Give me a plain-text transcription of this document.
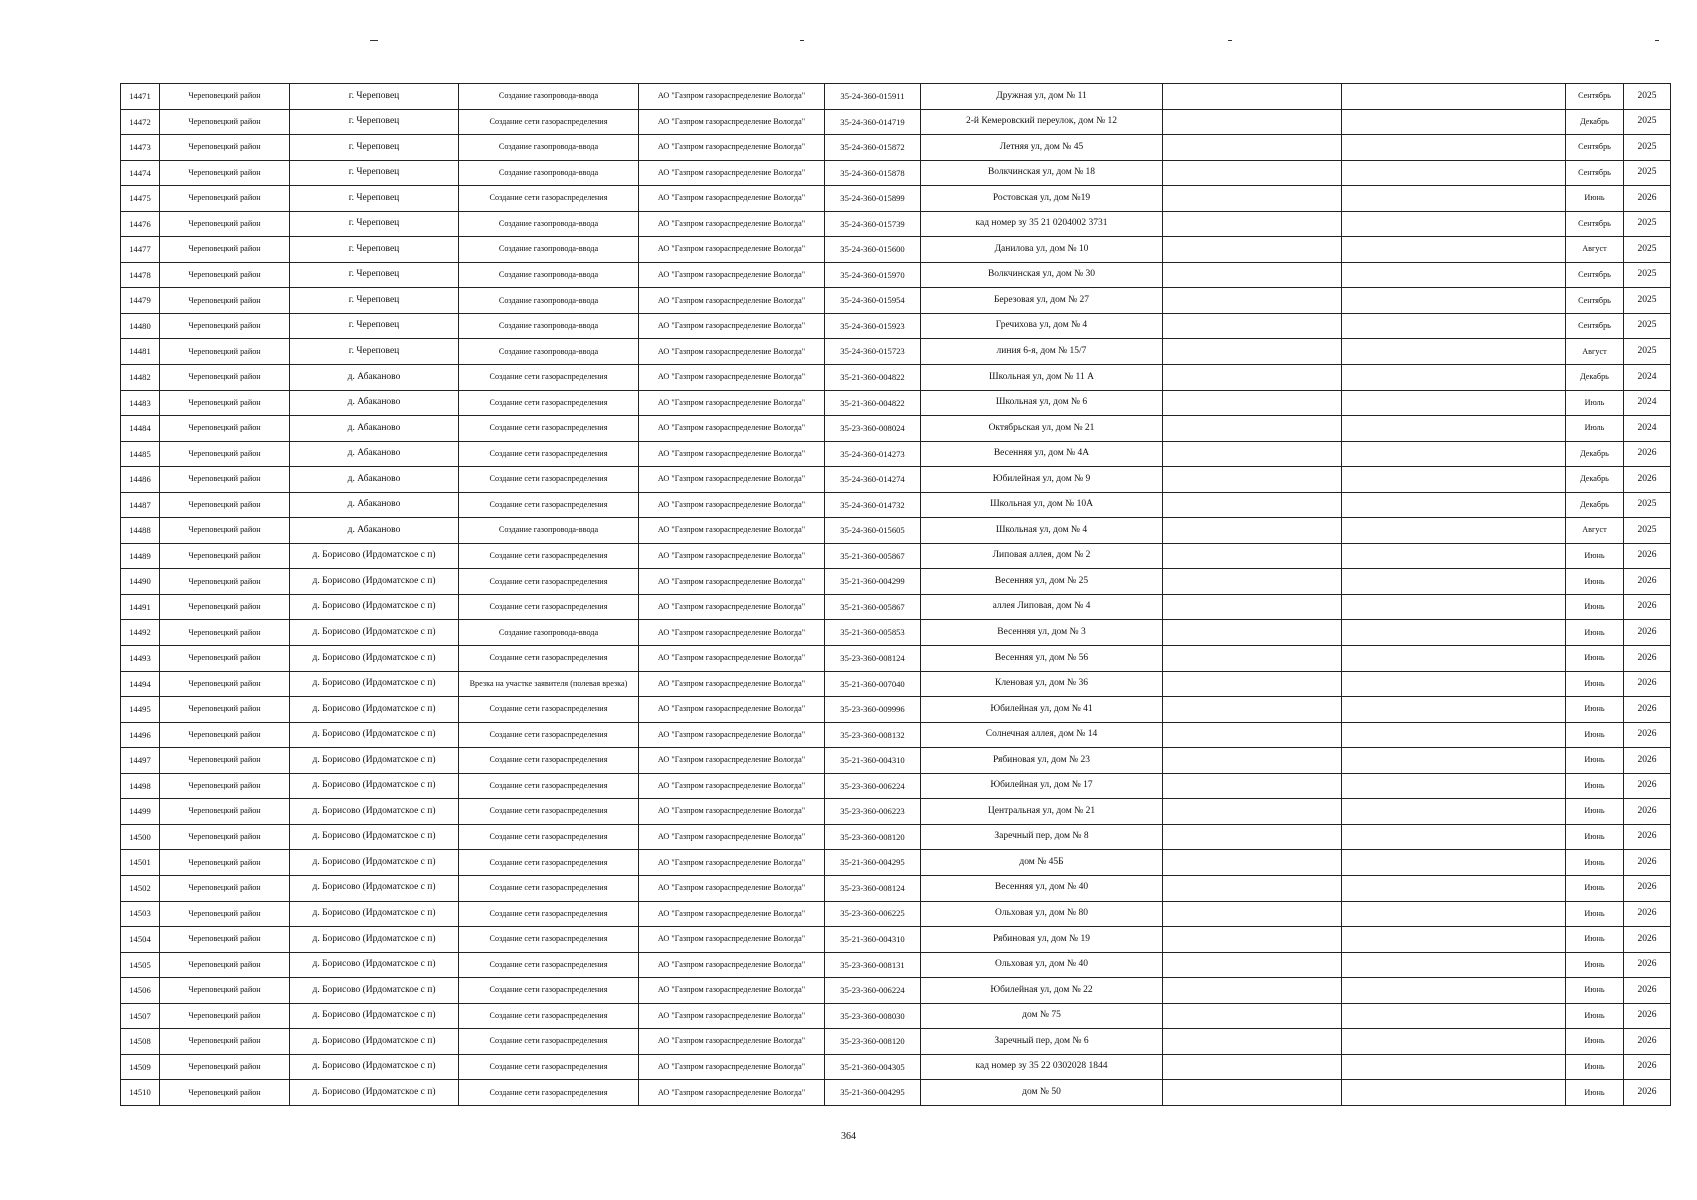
14471	Череповецкий район	г. Череповец	Создание газопровода-ввода	АО "Газпром газораспределение Вологда"	35-24-360-015911	Дружная ул, дом № 11			Сентябрь	2025
14472	Череповецкий район	г. Череповец	Создание сети газораспределения	АО "Газпром газораспределение Вологда"	35-24-360-014719	2-й Кемеровский переулок, дом № 12			Декабрь	2025
14473	Череповецкий район	г. Череповец	Создание газопровода-ввода	АО "Газпром газораспределение Вологда"	35-24-360-015872	Летняя ул, дом № 45			Сентябрь	2025
14474	Череповецкий район	г. Череповец	Создание газопровода-ввода	АО "Газпром газораспределение Вологда"	35-24-360-015878	Волкчинская ул, дом № 18			Сентябрь	2025
14475	Череповецкий район	г. Череповец	Создание сети газораспределения	АО "Газпром газораспределение Вологда"	35-24-360-015899	Ростовская ул, дом №19			Июнь	2026
14476	Череповецкий район	г. Череповец	Создание газопровода-ввода	АО "Газпром газораспределение Вологда"	35-24-360-015739	кад номер зу 35 21 0204002 3731			Сентябрь	2025
14477	Череповецкий район	г. Череповец	Создание газопровода-ввода	АО "Газпром газораспределение Вологда"	35-24-360-015600	Данилова ул, дом № 10			Август	2025
14478	Череповецкий район	г. Череповец	Создание газопровода-ввода	АО "Газпром газораспределение Вологда"	35-24-360-015970	Волкчинская ул, дом № 30			Сентябрь	2025
14479	Череповецкий район	г. Череповец	Создание газопровода-ввода	АО "Газпром газораспределение Вологда"	35-24-360-015954	Березовая ул, дом № 27			Сентябрь	2025
14480	Череповецкий район	г. Череповец	Создание газопровода-ввода	АО "Газпром газораспределение Вологда"	35-24-360-015923	Гречихова ул, дом № 4			Сентябрь	2025
14481	Череповецкий район	г. Череповец	Создание газопровода-ввода	АО "Газпром газораспределение Вологда"	35-24-360-015723	линия 6-я, дом № 15/7			Август	2025
14482	Череповецкий район	д. Абаканово	Создание сети газораспределения	АО "Газпром газораспределение Вологда"	35-21-360-004822	Школьная ул, дом № 11 А			Декабрь	2024
14483	Череповецкий район	д. Абаканово	Создание сети газораспределения	АО "Газпром газораспределение Вологда"	35-21-360-004822	Школьная ул, дом № 6			Июль	2024
14484	Череповецкий район	д. Абаканово	Создание сети газораспределения	АО "Газпром газораспределение Вологда"	35-23-360-008024	Октябрьская ул, дом № 21			Июль	2024
14485	Череповецкий район	д. Абаканово	Создание сети газораспределения	АО "Газпром газораспределение Вологда"	35-24-360-014273	Весенняя ул, дом № 4А			Декабрь	2026
14486	Череповецкий район	д. Абаканово	Создание сети газораспределения	АО "Газпром газораспределение Вологда"	35-24-360-014274	Юбилейная ул, дом № 9			Декабрь	2026
14487	Череповецкий район	д. Абаканово	Создание сети газораспределения	АО "Газпром газораспределение Вологда"	35-24-360-014732	Школьная ул, дом № 10А			Декабрь	2025
14488	Череповецкий район	д. Абаканово	Создание газопровода-ввода	АО "Газпром газораспределение Вологда"	35-24-360-015605	Школьная ул, дом № 4			Август	2025
14489	Череповецкий район	д. Борисово (Ирдоматское с п)	Создание сети газораспределения	АО "Газпром газораспределение Вологда"	35-21-360-005867	Липовая аллея, дом № 2			Июнь	2026
14490	Череповецкий район	д. Борисово (Ирдоматское с п)	Создание сети газораспределения	АО "Газпром газораспределение Вологда"	35-21-360-004299	Весенняя ул, дом № 25			Июнь	2026
14491	Череповецкий район	д. Борисово (Ирдоматское с п)	Создание сети газораспределения	АО "Газпром газораспределение Вологда"	35-21-360-005867	аллея Липовая, дом № 4			Июнь	2026
14492	Череповецкий район	д. Борисово (Ирдоматское с п)	Создание газопровода-ввода	АО "Газпром газораспределение Вологда"	35-21-360-005853	Весенняя ул, дом № 3			Июнь	2026
14493	Череповецкий район	д. Борисово (Ирдоматское с п)	Создание сети газораспределения	АО "Газпром газораспределение Вологда"	35-23-360-008124	Весенняя ул, дом № 56			Июнь	2026
14494	Череповецкий район	д. Борисово (Ирдоматское с п)	Врезка на участке заявителя (полевая врезка)	АО "Газпром газораспределение Вологда"	35-21-360-007040	Кленовая ул, дом № 36			Июнь	2026
14495	Череповецкий район	д. Борисово (Ирдоматское с п)	Создание сети газораспределения	АО "Газпром газораспределение Вологда"	35-23-360-009996	Юбилейная ул, дом № 41			Июнь	2026
14496	Череповецкий район	д. Борисово (Ирдоматское с п)	Создание сети газораспределения	АО "Газпром газораспределение Вологда"	35-23-360-008132	Солнечная аллея, дом № 14			Июнь	2026
14497	Череповецкий район	д. Борисово (Ирдоматское с п)	Создание сети газораспределения	АО "Газпром газораспределение Вологда"	35-21-360-004310	Рябиновая ул, дом № 23			Июнь	2026
14498	Череповецкий район	д. Борисово (Ирдоматское с п)	Создание сети газораспределения	АО "Газпром газораспределение Вологда"	35-23-360-006224	Юбилейная ул, дом № 17			Июнь	2026
14499	Череповецкий район	д. Борисово (Ирдоматское с п)	Создание сети газораспределения	АО "Газпром газораспределение Вологда"	35-23-360-006223	Центральная ул, дом № 21			Июнь	2026
14500	Череповецкий район	д. Борисово (Ирдоматское с п)	Создание сети газораспределения	АО "Газпром газораспределение Вологда"	35-23-360-008120	Заречный пер, дом № 8			Июнь	2026
14501	Череповецкий район	д. Борисово (Ирдоматское с п)	Создание сети газораспределения	АО "Газпром газораспределение Вологда"	35-21-360-004295	дом № 45Б			Июнь	2026
14502	Череповецкий район	д. Борисово (Ирдоматское с п)	Создание сети газораспределения	АО "Газпром газораспределение Вологда"	35-23-360-008124	Весенняя ул, дом № 40			Июнь	2026
14503	Череповецкий район	д. Борисово (Ирдоматское с п)	Создание сети газораспределения	АО "Газпром газораспределение Вологда"	35-23-360-006225	Ольховая ул, дом № 80			Июнь	2026
14504	Череповецкий район	д. Борисово (Ирдоматское с п)	Создание сети газораспределения	АО "Газпром газораспределение Вологда"	35-21-360-004310	Рябиновая ул, дом № 19			Июнь	2026
14505	Череповецкий район	д. Борисово (Ирдоматское с п)	Создание сети газораспределения	АО "Газпром газораспределение Вологда"	35-23-360-008131	Ольховая ул, дом № 40			Июнь	2026
14506	Череповецкий район	д. Борисово (Ирдоматское с п)	Создание сети газораспределения	АО "Газпром газораспределение Вологда"	35-23-360-006224	Юбилейная ул, дом № 22			Июнь	2026
14507	Череповецкий район	д. Борисово (Ирдоматское с п)	Создание сети газораспределения	АО "Газпром газораспределение Вологда"	35-23-360-008030	дом № 75			Июнь	2026
14508	Череповецкий район	д. Борисово (Ирдоматское с п)	Создание сети газораспределения	АО "Газпром газораспределение Вологда"	35-23-360-008120	Заречный пер, дом № 6			Июнь	2026
14509	Череповецкий район	д. Борисово (Ирдоматское с п)	Создание сети газораспределения	АО "Газпром газораспределение Вологда"	35-21-360-004305	кад номер зу 35 22 0302028 1844			Июнь	2026
14510	Череповецкий район	д. Борисово (Ирдоматское с п)	Создание сети газораспределения	АО "Газпром газораспределение Вологда"	35-21-360-004295	дом № 50			Июнь	2026
364
